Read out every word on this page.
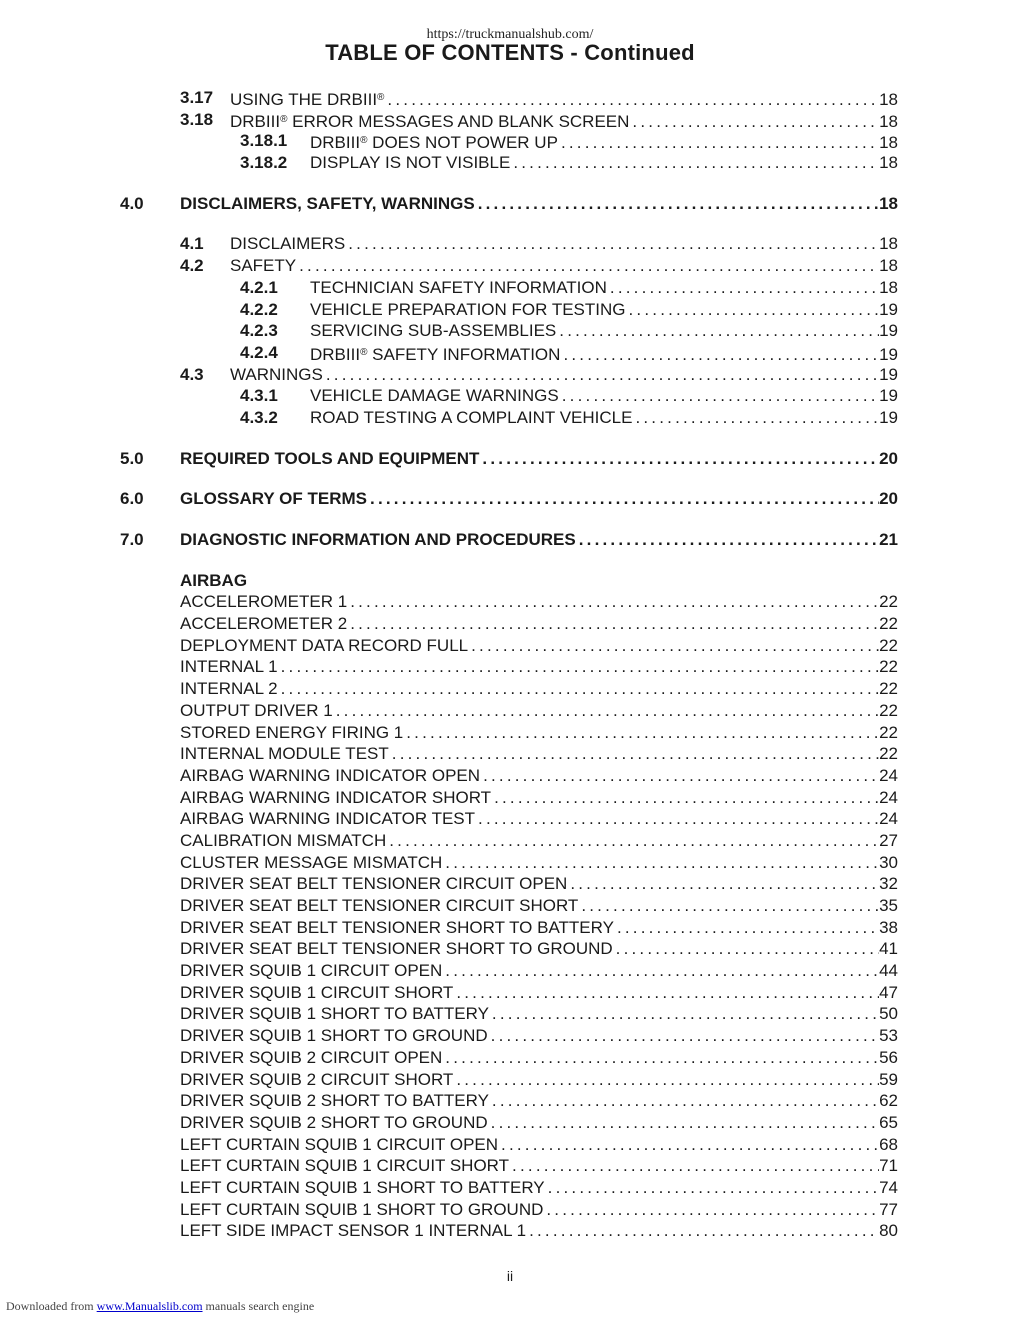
https://truckmanualshub.com/
TABLE OF CONTENTS - Continued
3.17 USING THE DRBIII® .....	18
3.18 DRBIII® ERROR MESSAGES AND BLANK SCREEN .....	18
3.18.1 DRBIII® DOES NOT POWER UP .....	18
3.18.2 DISPLAY IS NOT VISIBLE .....	18
4.0 DISCLAIMERS, SAFETY, WARNINGS .....	18
4.1 DISCLAIMERS .....	18
4.2 SAFETY .....	18
4.2.1 TECHNICIAN SAFETY INFORMATION .....	18
4.2.2 VEHICLE PREPARATION FOR TESTING .....	19
4.2.3 SERVICING SUB-ASSEMBLIES .....	19
4.2.4 DRBIII® SAFETY INFORMATION .....	19
4.3 WARNINGS .....	19
4.3.1 VEHICLE DAMAGE WARNINGS .....	19
4.3.2 ROAD TESTING A COMPLAINT VEHICLE .....	19
5.0 REQUIRED TOOLS AND EQUIPMENT .....	20
6.0 GLOSSARY OF TERMS .....	20
7.0 DIAGNOSTIC INFORMATION AND PROCEDURES .....	21
AIRBAG
ACCELEROMETER 1 .....	22
ACCELEROMETER 2 .....	22
DEPLOYMENT DATA RECORD FULL .....	22
INTERNAL 1 .....	22
INTERNAL 2 .....	22
OUTPUT DRIVER 1 .....	22
STORED ENERGY FIRING 1 .....	22
INTERNAL MODULE TEST .....	22
AIRBAG WARNING INDICATOR OPEN .....	24
AIRBAG WARNING INDICATOR SHORT .....	24
AIRBAG WARNING INDICATOR TEST .....	24
CALIBRATION MISMATCH .....	27
CLUSTER MESSAGE MISMATCH .....	30
DRIVER SEAT BELT TENSIONER CIRCUIT OPEN .....	32
DRIVER SEAT BELT TENSIONER CIRCUIT SHORT .....	35
DRIVER SEAT BELT TENSIONER SHORT TO BATTERY .....	38
DRIVER SEAT BELT TENSIONER SHORT TO GROUND .....	41
DRIVER SQUIB 1 CIRCUIT OPEN .....	44
DRIVER SQUIB 1 CIRCUIT SHORT .....	47
DRIVER SQUIB 1 SHORT TO BATTERY .....	50
DRIVER SQUIB 1 SHORT TO GROUND .....	53
DRIVER SQUIB 2 CIRCUIT OPEN .....	56
DRIVER SQUIB 2 CIRCUIT SHORT .....	59
DRIVER SQUIB 2 SHORT TO BATTERY .....	62
DRIVER SQUIB 2 SHORT TO GROUND .....	65
LEFT CURTAIN SQUIB 1 CIRCUIT OPEN .....	68
LEFT CURTAIN SQUIB 1 CIRCUIT SHORT .....	71
LEFT CURTAIN SQUIB 1 SHORT TO BATTERY .....	74
LEFT CURTAIN SQUIB 1 SHORT TO GROUND .....	77
LEFT SIDE IMPACT SENSOR 1 INTERNAL 1 .....	80
ii
Downloaded from www.Manualslib.com manuals search engine
